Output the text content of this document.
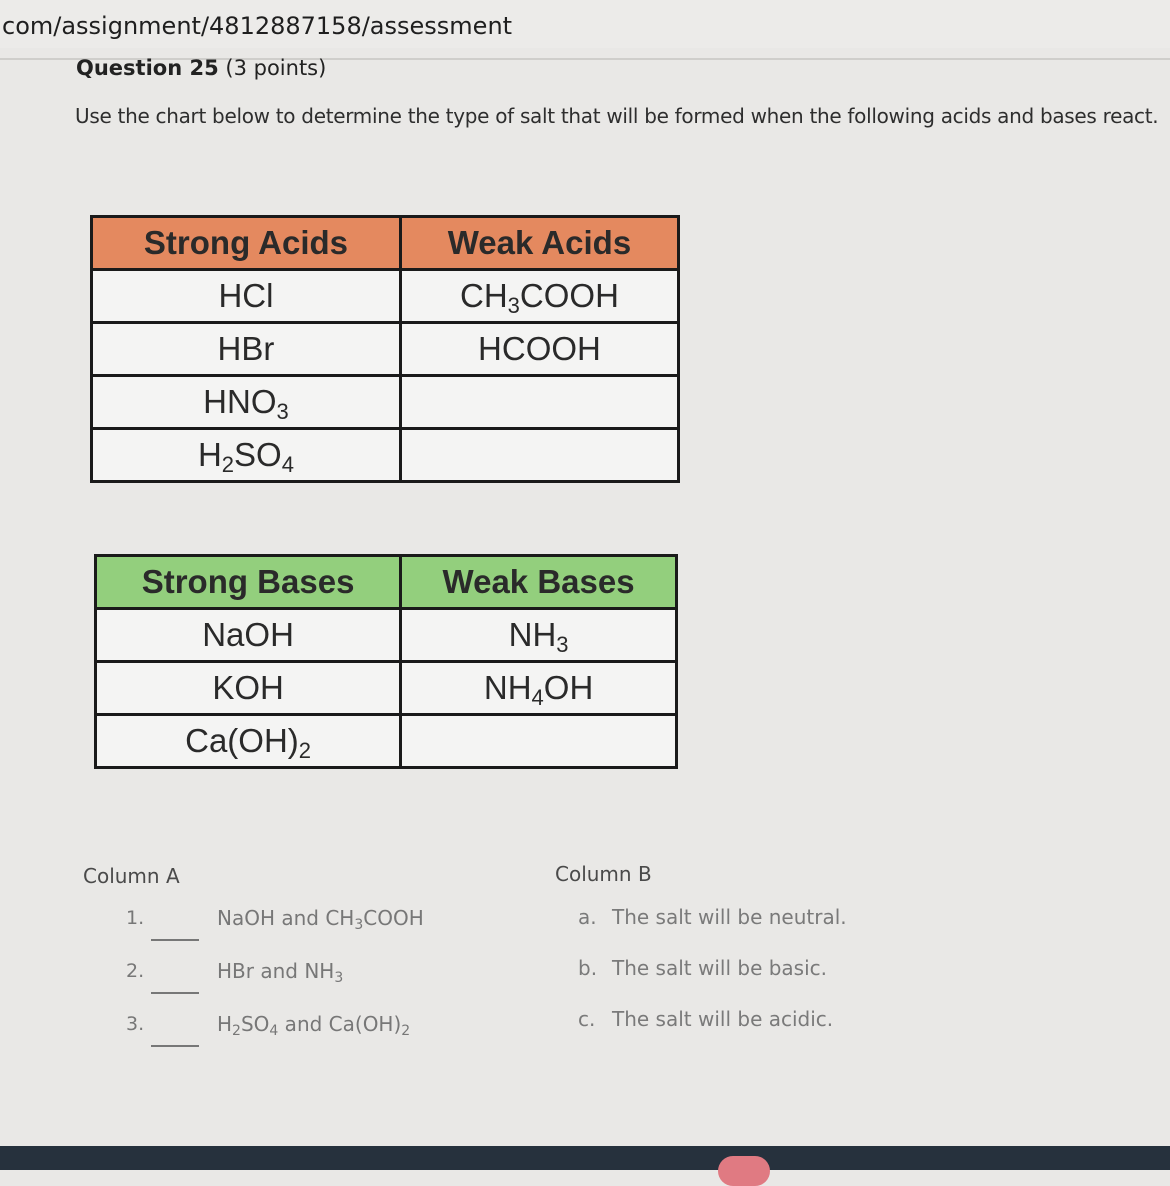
com/assignment/4812887158/assessment
Question 25 (3 points)
Use the chart below to determine the type of salt that will be formed when the following acids and bases react.
Strong Acids	Weak Acids
HCl	$CH_3COOH$
HBr	HCOOH
$HNO_3$	
$H_2SO_4$	
Strong Bases	Weak Bases
NaOH	$NH_3$
KOH	$NH_4OH$
$Ca(OH)_2$	
Column A	Column B
1.	NaOH and $CH_3COOH$
2.	HBr and $NH_3$
3.	$H_2SO_4$ and $Ca(OH)_2$
a. The salt will be neutral.
b. The salt will be basic.
c. The salt will be acidic.
